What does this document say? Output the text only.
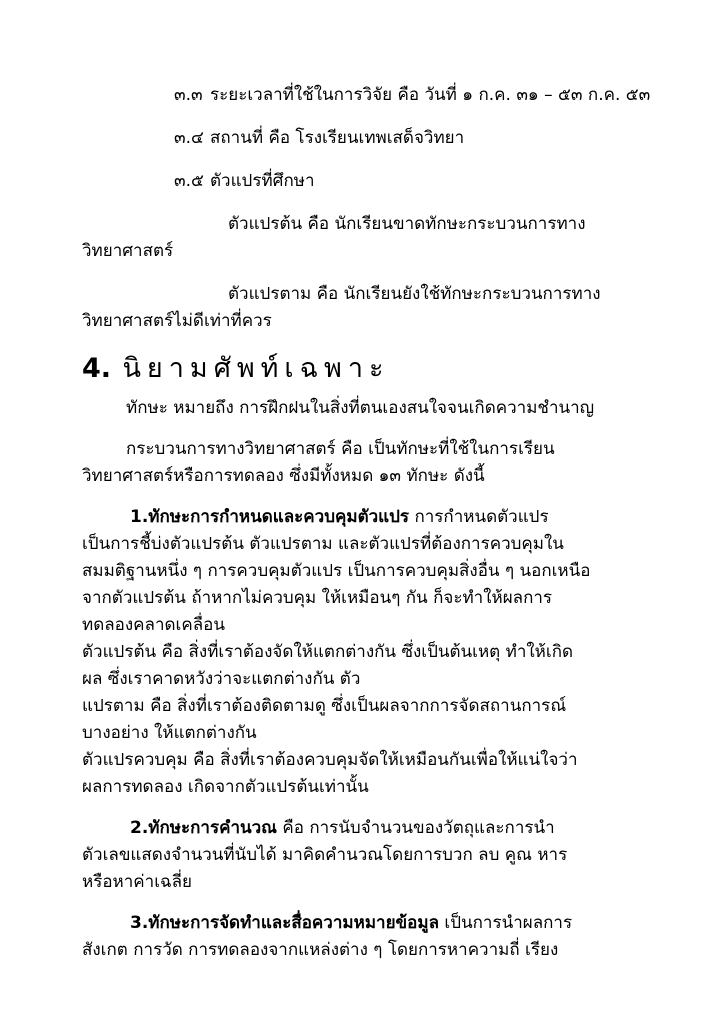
๓.๓ ระยะเวลาที่ใช้ในการวิจัย คือ วันที่ ๑ ก.ค. ๓๑ – ๕๓ ก.ค. ๕๓
๓.๔ สถานที่ คือ โรงเรียนเทพเสด็จวิทยา
๓.๕ ตัวแปรที่ศึกษา
ตัวแปรต้น คือ นักเรียนขาดทักษะกระบวนการทาง
วิทยาศาสตร์
ตัวแปรตาม คือ นักเรียนยังใช้ทักษะกระบวนการทาง
วิทยาศาสตร์ไม่ดีเท่าที่ควร
4. นิยามศัพท์เฉพาะ
ทักษะ หมายถึง การฝึกฝนในสิ่งที่ตนเองสนใจจนเกิดความชำนาญ
กระบวนการทางวิทยาศาสตร์ คือ เป็นทักษะที่ใช้ในการเรียน
วิทยาศาสตร์หรือการทดลอง ซึ่งมีทั้งหมด ๑๓ ทักษะ ดังนี้
1.ทักษะการกำหนดและควบคุมตัวแปร การกำหนดตัวแปร
เป็นการชี้บ่งตัวแปรต้น ตัวแปรตาม และตัวแปรที่ต้องการควบคุมใน
สมมติฐานหนึ่ง ๆ การควบคุมตัวแปร เป็นการควบคุมสิ่งอื่น ๆ นอกเหนือ
จากตัวแปรต้น ถ้าหากไม่ควบคุม ให้เหมือนๆ กัน ก็จะทำให้ผลการ
ทดลองคลาดเคลื่อน
ตัวแปรต้น คือ สิ่งที่เราต้องจัดให้แตกต่างกัน ซึ่งเป็นต้นเหตุ ทำให้เกิด
ผล ซึ่งเราคาดหวังว่าจะแตกต่างกัน ตัว
แปรตาม คือ สิ่งที่เราต้องติดตามดู ซึ่งเป็นผลจากการจัดสถานการณ์
บางอย่าง ให้แตกต่างกัน
ตัวแปรควบคุม คือ สิ่งที่เราต้องควบคุมจัดให้เหมือนกันเพื่อให้แน่ใจว่า
ผลการทดลอง เกิดจากตัวแปรต้นเท่านั้น
2.ทักษะการคำนวณ คือ การนับจำนวนของวัตถุและการนำ
ตัวเลขแสดงจำนวนที่นับได้ มาคิดคำนวณโดยการบวก ลบ คูณ หาร
หรือหาค่าเฉลี่ย
3.ทักษะการจัดทำและสื่อความหมายข้อมูล เป็นการนำผลการ
สังเกต การวัด การทดลองจากแหล่งต่าง ๆ โดยการหาความถี่ เรียง
